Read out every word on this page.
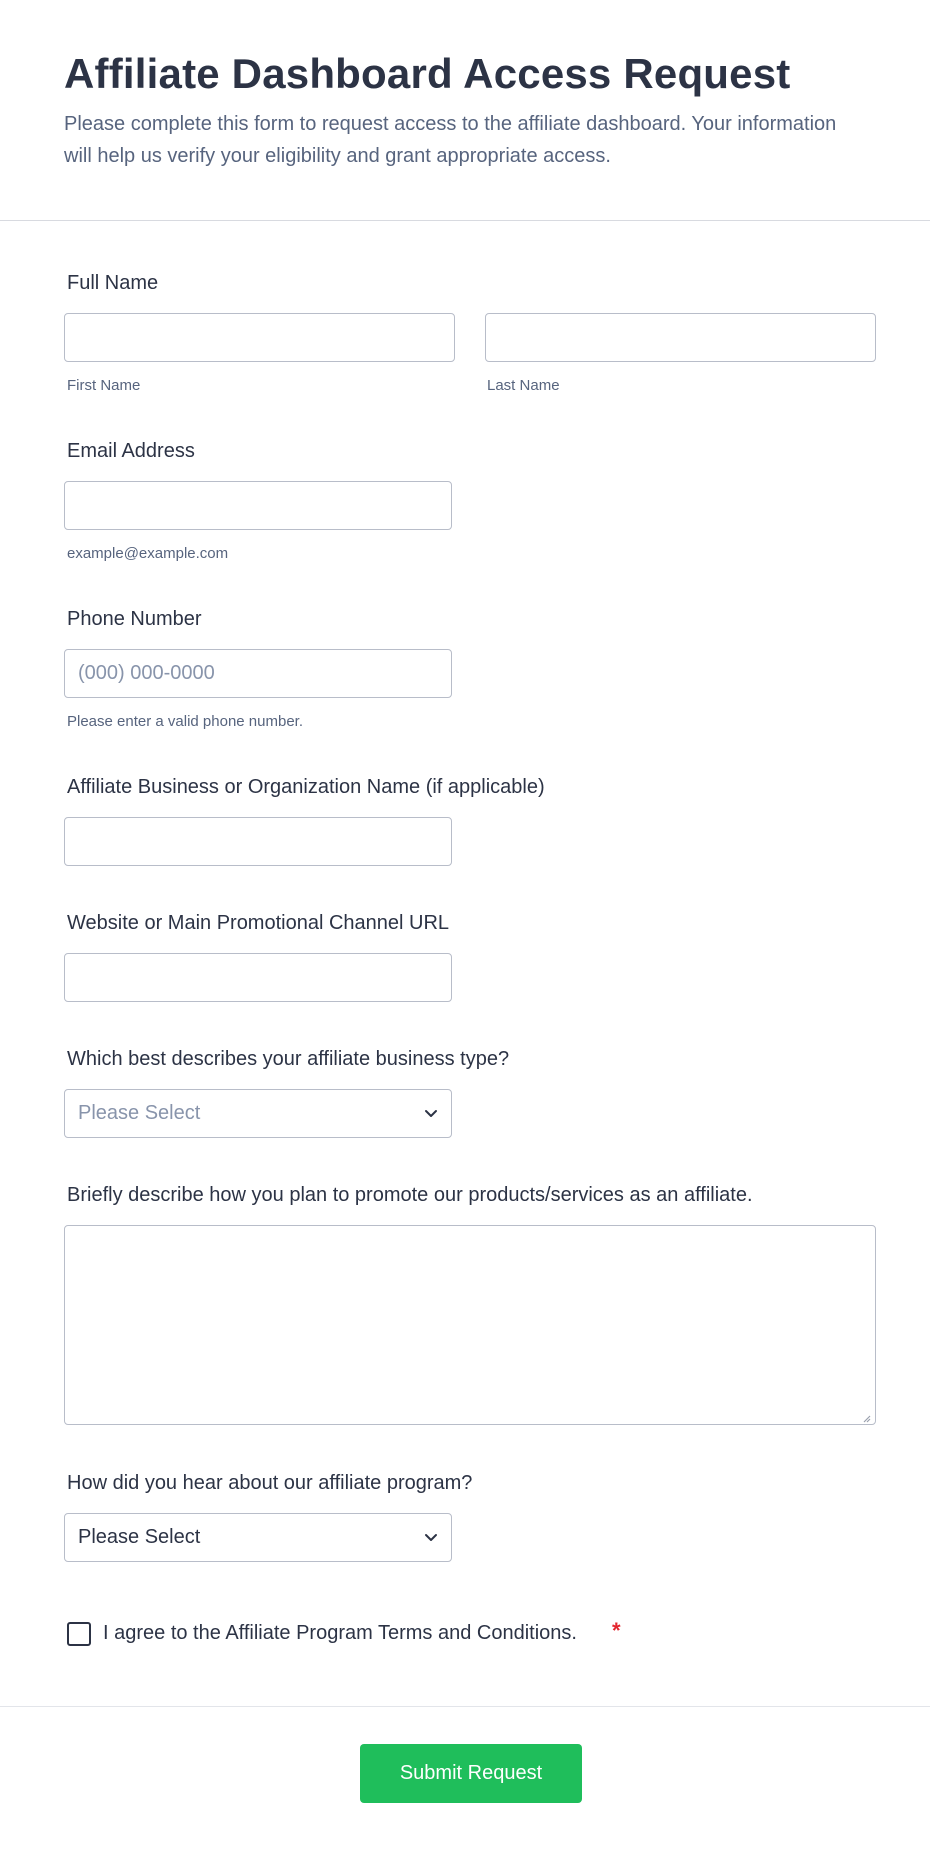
Affiliate Dashboard Access Request

Please complete this form to request access to the affiliate dashboard. Your information will help us verify your eligibility and grant appropriate access.

Full Name
First Name	Last Name
Email Address
example@example.com
Phone Number
(000) 000-0000
Please enter a valid phone number.
Affiliate Business or Organization Name (if applicable)
Website or Main Promotional Channel URL
Which best describes your affiliate business type?
Please Select
Briefly describe how you plan to promote our products/services as an affiliate.
How did you hear about our affiliate program?
Please Select
I agree to the Affiliate Program Terms and Conditions. *
Submit Request
